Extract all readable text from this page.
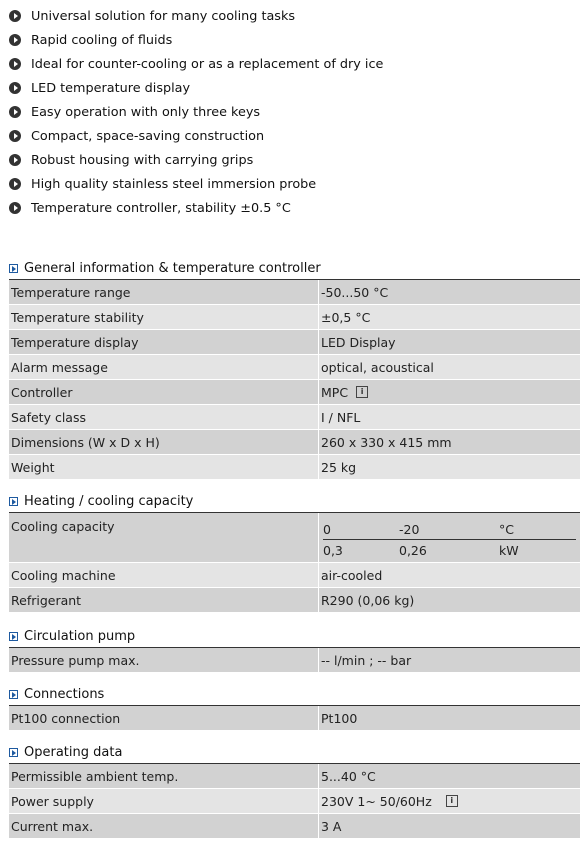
Universal solution for many cooling tasks
Rapid cooling of fluids
Ideal for counter-cooling or as a replacement of dry ice
LED temperature display
Easy operation with only three keys
Compact, space-saving construction
Robust housing with carrying grips
High quality stainless steel immersion probe
Temperature controller, stability ±0.5 °C
General information & temperature controller
Temperature range	-50...50 °C
Temperature stability	±0,5 °C
Temperature display	LED Display
Alarm message	optical, acoustical
Controller	MPC	i
Safety class	I / NFL
Dimensions (W x D x H)	260 x 330 x 415 mm
Weight	25 kg
Heating / cooling capacity
Cooling capacity	0	-20	°C
0,3	0,26	kW
Cooling machine	air-cooled
Refrigerant	R290 (0,06 kg)
Circulation pump
Pressure pump max.	-- l/min ; -- bar
Connections
Pt100 connection	Pt100
Operating data
Permissible ambient temp.	5...40 °C
Power supply	230V 1~ 50/60Hz	i
Current max.	3 A
